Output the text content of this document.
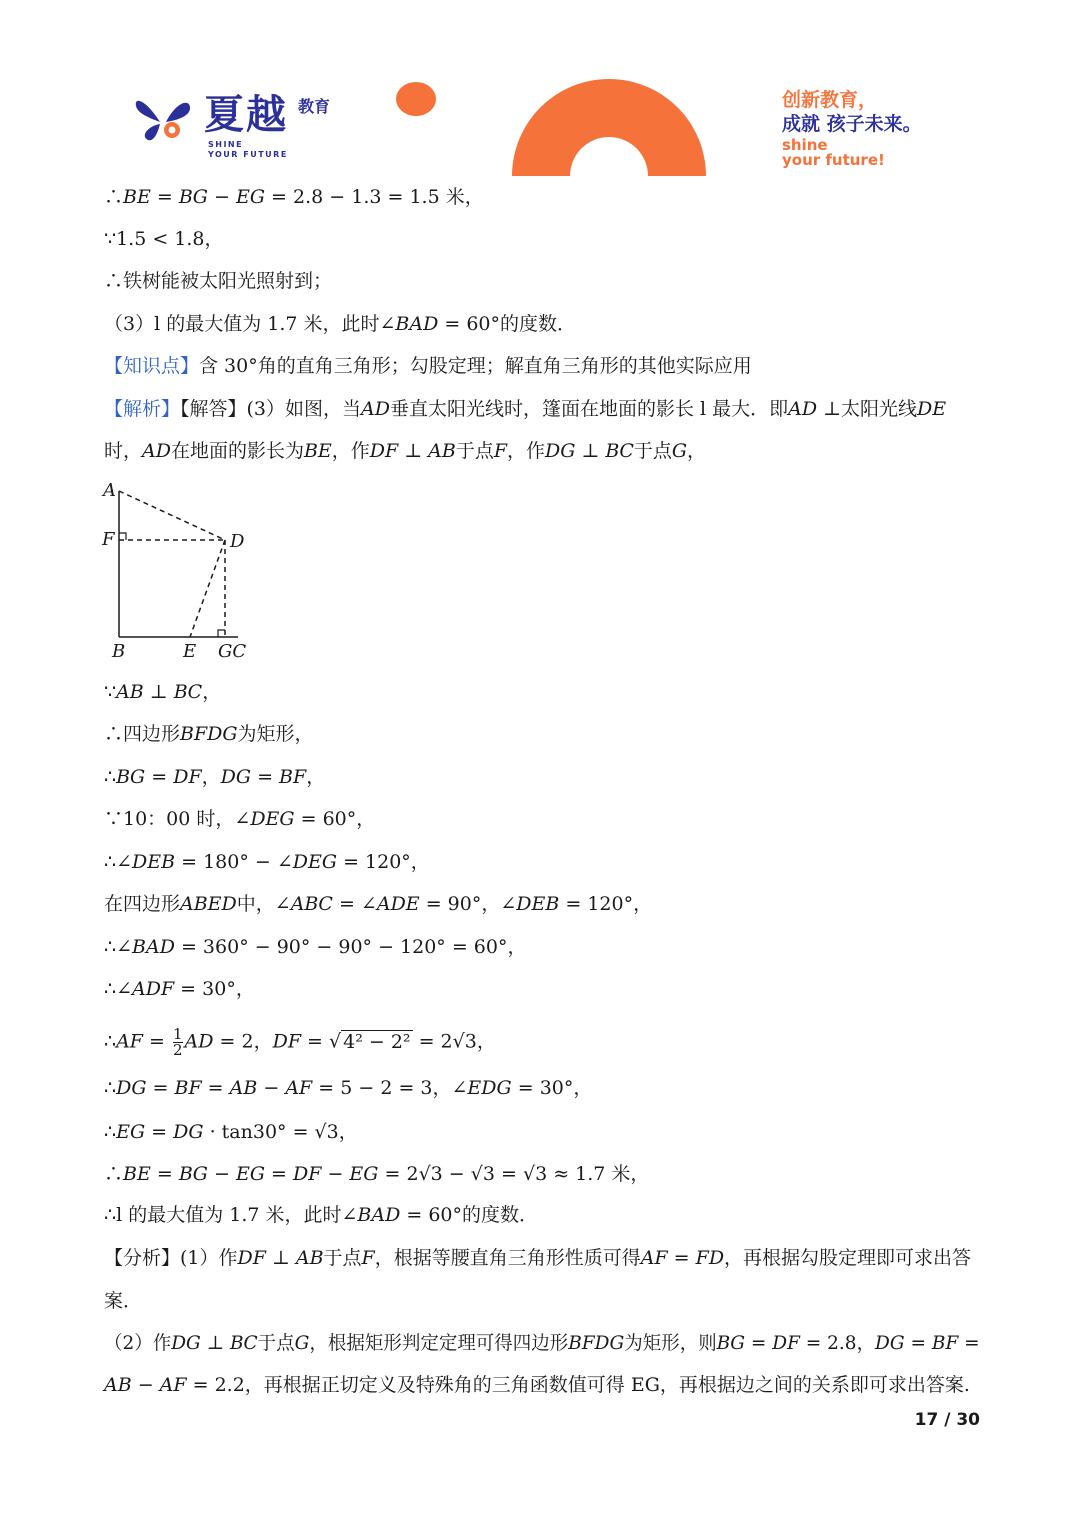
夏越 教育
SHINE
YOUR FUTURE
创新教育，
成就 孩子未来。
shine
your future!
∴𝐵𝐸 = 𝐵𝐺 − 𝐸𝐺 = 2.8 − 1.3 = 1.5 米，
∵1.5 < 1.8，
∴铁树能被太阳光照射到；
（3）l 的最大值为 1.7 米，此时∠𝐵𝐴𝐷 = 60°的度数．
【知识点】含 30°角的直角三角形；勾股定理；解直角三角形的其他实际应用
【解析】【解答】(3）如图，当𝐴𝐷垂直太阳光线时，篷面在地面的影长 l 最大．即𝐴𝐷 ⊥太阳光线𝐷𝐸
时，𝐴𝐷在地面的影长为𝐵𝐸，作𝐷𝐹 ⊥ 𝐴𝐵于点𝐹，作𝐷𝐺 ⊥ 𝐵𝐶于点𝐺，
A
F	D
B	E GC
∵𝐴𝐵 ⊥ 𝐵𝐶，
∴四边形𝐵𝐹𝐷𝐺为矩形，
∴𝐵𝐺 = 𝐷𝐹，𝐷𝐺 = 𝐵𝐹，
∵10：00 时，∠𝐷𝐸𝐺 = 60°，
∴∠𝐷𝐸𝐵 = 180° − ∠𝐷𝐸𝐺 = 120°，
在四边形𝐴𝐵𝐸𝐷中，∠𝐴𝐵𝐶 = ∠𝐴𝐷𝐸 = 90°，∠𝐷𝐸𝐵 = 120°，
∴∠𝐵𝐴𝐷 = 360° − 90° − 90° − 120° = 60°，
∴∠𝐴𝐷𝐹 = 30°，
∴𝐴𝐹 = $\frac{1}{2}$ 𝐴𝐷 = 2，𝐷𝐹 = √ 4² − 2² = 2√3，
∴𝐷𝐺 = 𝐵𝐹 = 𝐴𝐵 − 𝐴𝐹 = 5 − 2 = 3，∠𝐸𝐷𝐺 = 30°，
∴𝐸𝐺 = 𝐷𝐺 · tan30° = √3，
∴𝐵𝐸 = 𝐵𝐺 − 𝐸𝐺 = 𝐷𝐹 − 𝐸𝐺 = 2√3 − √3 = √3 ≈ 1.7 米，
∴l 的最大值为 1.7 米，此时∠𝐵𝐴𝐷 = 60°的度数．
【分析】(1）作𝐷𝐹 ⊥ 𝐴𝐵于点𝐹，根据等腰直角三角形性质可得𝐴𝐹 = 𝐹𝐷，再根据勾股定理即可求出答
案．
（2）作𝐷𝐺 ⊥ 𝐵𝐶于点𝐺，根据矩形判定定理可得四边形𝐵𝐹𝐷𝐺为矩形，则𝐵𝐺 = 𝐷𝐹 = 2.8，𝐷𝐺 = 𝐵𝐹 =
𝐴𝐵 − 𝐴𝐹 = 2.2，再根据正切定义及特殊角的三角函数值可得 EG，再根据边之间的关系即可求出答案.
17 / 30
